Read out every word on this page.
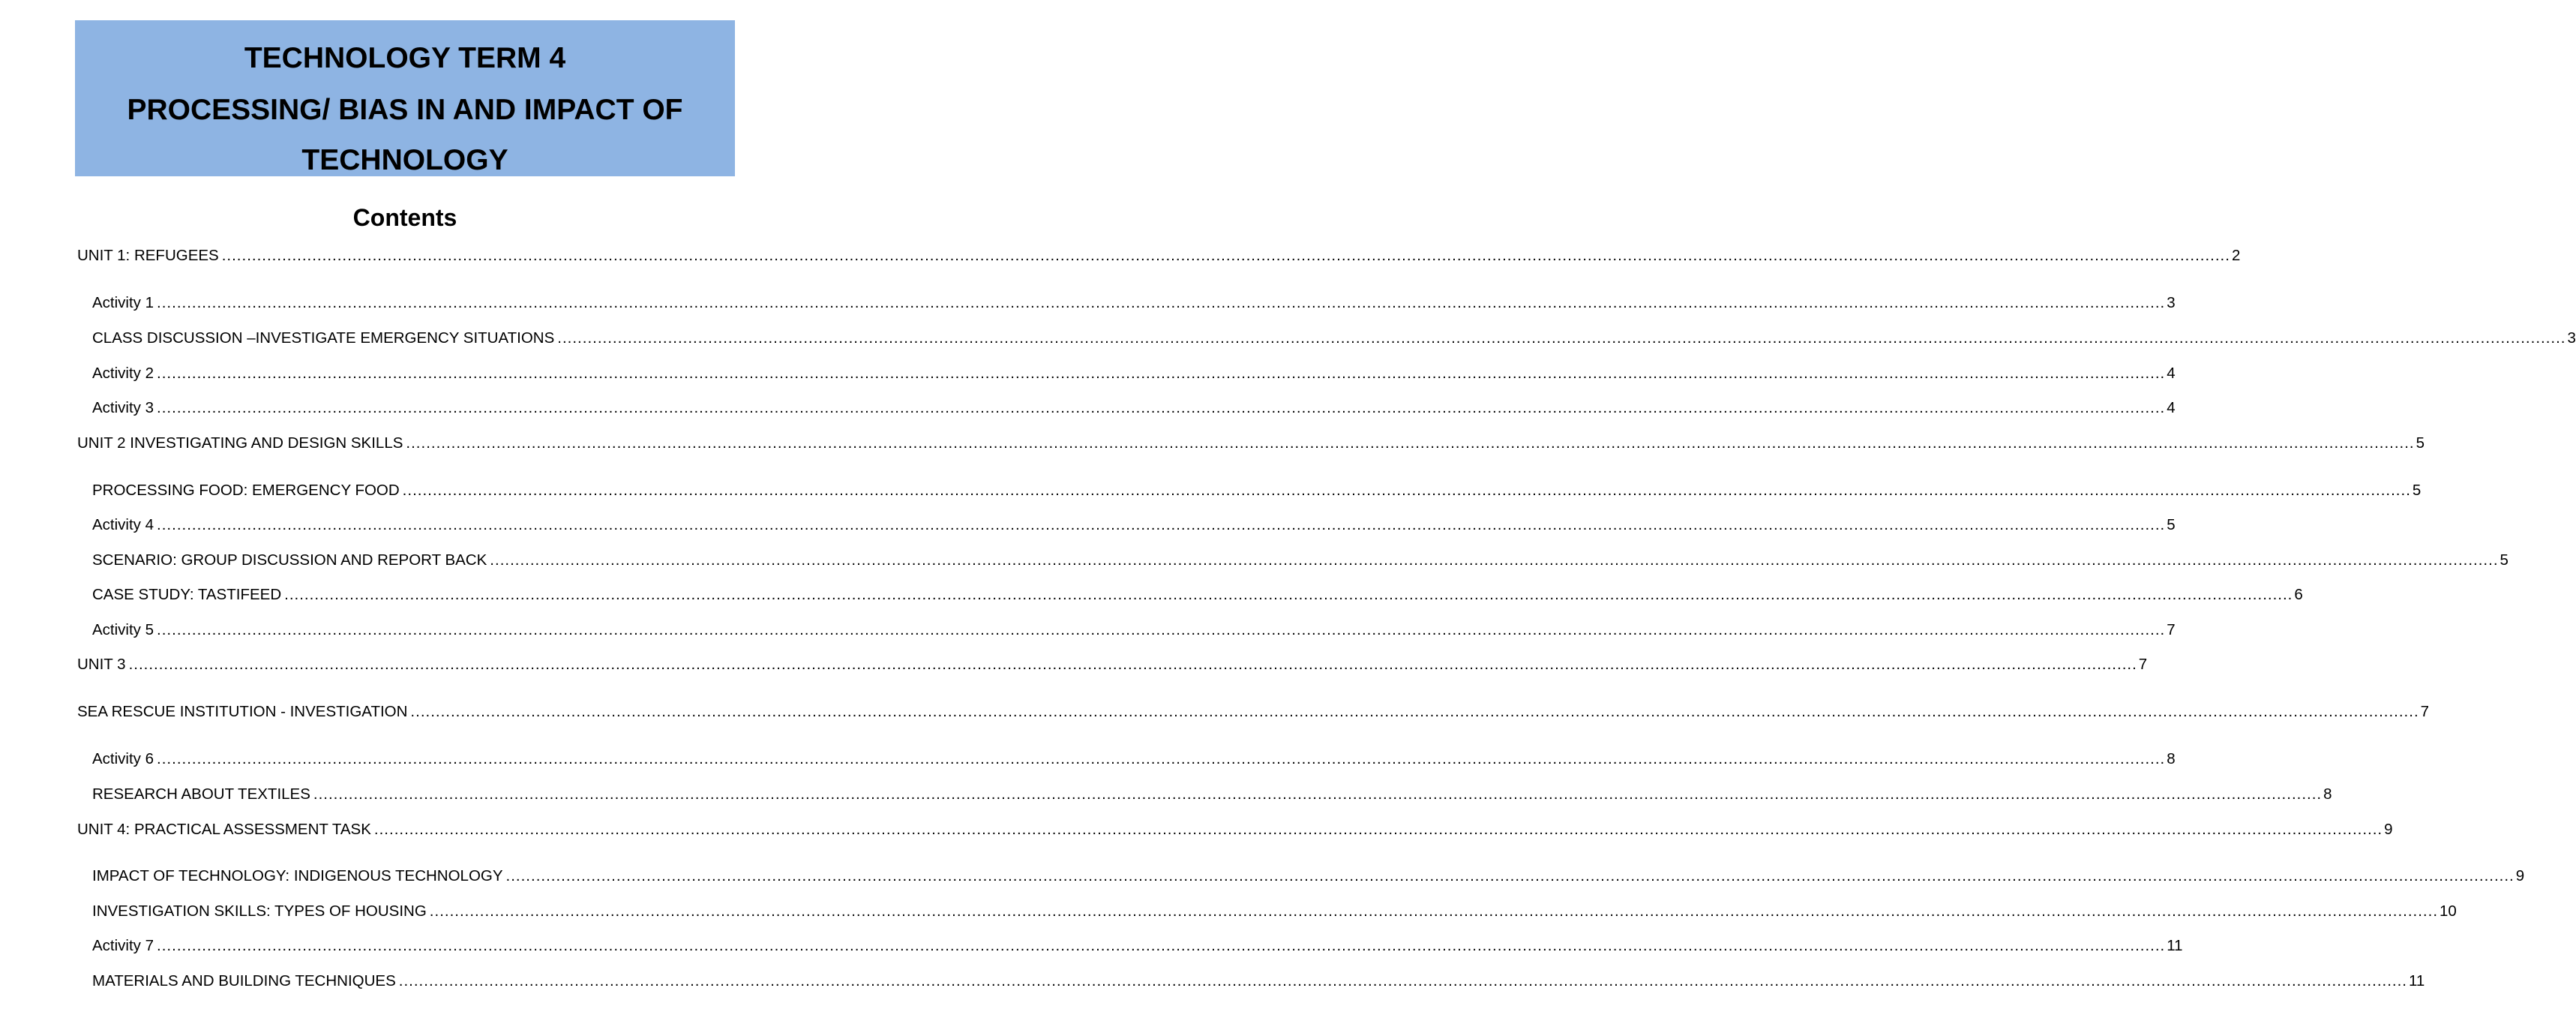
TECHNOLOGY TERM 4
PROCESSING/ BIAS IN AND IMPACT OF
TECHNOLOGY
Contents
UNIT 1: REFUGEES ................................................................................................................................................................................................................................................................................................................................................................................................................ 2
Activity 1 ................................................................................................................................................................................................................................................................................................................................................................................................................ 3
CLASS DISCUSSION –INVESTIGATE EMERGENCY SITUATIONS ................................................................................................................................................................................................................................................................................................................................................................................................................ 3
Activity 2 ................................................................................................................................................................................................................................................................................................................................................................................................................ 4
Activity 3 ................................................................................................................................................................................................................................................................................................................................................................................................................ 4
UNIT 2 INVESTIGATING AND DESIGN SKILLS ................................................................................................................................................................................................................................................................................................................................................................................................................ 5
PROCESSING FOOD: EMERGENCY FOOD ................................................................................................................................................................................................................................................................................................................................................................................................................ 5
Activity 4 ................................................................................................................................................................................................................................................................................................................................................................................................................ 5
SCENARIO: GROUP DISCUSSION AND REPORT BACK ................................................................................................................................................................................................................................................................................................................................................................................................................ 5
CASE STUDY: TASTIFEED ................................................................................................................................................................................................................................................................................................................................................................................................................ 6
Activity 5 ................................................................................................................................................................................................................................................................................................................................................................................................................ 7
UNIT 3 ................................................................................................................................................................................................................................................................................................................................................................................................................ 7
SEA RESCUE INSTITUTION - INVESTIGATION ................................................................................................................................................................................................................................................................................................................................................................................................................ 7
Activity 6 ................................................................................................................................................................................................................................................................................................................................................................................................................ 8
RESEARCH ABOUT TEXTILES ................................................................................................................................................................................................................................................................................................................................................................................................................ 8
UNIT 4: PRACTICAL ASSESSMENT TASK ................................................................................................................................................................................................................................................................................................................................................................................................................ 9
IMPACT OF TECHNOLOGY: INDIGENOUS TECHNOLOGY ................................................................................................................................................................................................................................................................................................................................................................................................................ 9
INVESTIGATION SKILLS: TYPES OF HOUSING ................................................................................................................................................................................................................................................................................................................................................................................................................ 10
Activity 7 ................................................................................................................................................................................................................................................................................................................................................................................................................ 11
MATERIALS AND BUILDING TECHNIQUES ................................................................................................................................................................................................................................................................................................................................................................................................................ 11
